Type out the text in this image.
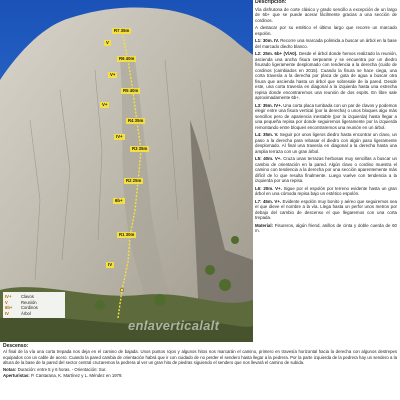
R7 35m
R6 40m
R5 40m
R4 35m
R3 35m
R2 25m
R1 30m
V
V+
IV+
6b+
IV
V+
IV+	Clavos
V	Reunión
6b+	Cordinos
IV	Árbol
enlaverticalalt
Descripción:

Vía disfrutona de corte clásico y grado sencillo a excepción de un largo de 6b+ que se puede acerar fácilmente gracias a una sección de cordinos.

A destacar por su estético el último largo que recorre un marcado espolón.

L1: 30m. IV. Recorre una marcada polimida a buscar un árbol en la base del marcado diedro blanco.

L2: 25m. 6b+ (V/A0). Desde el árbol donde hemos realizado la reunión, ascienda una anchа fisura serpeante y se encuentra por un diedro fisurado ligeramente desplomado con tendencia a la derecha (cuido de cordinos (cambiados en 2015). Cuando la fisura se hace ciega, una corta travesía a la derecha por placa de gota de agua a buscar otra fisura que ascienda hasta un árbol que sobresale de la pared. Desde este, una corta travesía en diagonal a la izquierda hasta una estrecha repisa donde encontraremos una reunión de dos espits. En libre sale aproximadamente 6b+.

L3: 35m. IV+. Una corta placa tumbada con un par de clavos y podemos elegir entre una fisura vertical (por la derecha) o unos bloques algo más sencillos pero de apariencia inestable (por la izquierda) hasta llegar a una pequeña repisa por donde seguiremos ligeramente por la izquierda remontando entre bloques encontraremos una reunión en un árbol.

L4: 35m. V. Seguir por unos ligeros diedro hasta encontrar un clavo, un paso a la derecha para rebasar el diedro con algún paso ligeramente desplomado. Al final una travesía en diagonal a la derecha hasta una amplia terraza con un gran árbol.

L5: 40m. V+. Cruza unas terrazas herbosas muy sencillas a buscar un cambio de orientación en la pared. Algún clavo o cordino muestra el camino con tendencia a la derecha por una sección aparentemente más difícil de lo que resulta finalmente. Luego vuelve con tendencia a la izquierda por una repisa.

L6: 20m. V+. Sigue por el espolón por terreno evidente hasta un gran árbol en una cómoda repisa bajo un estético espolón.

L7: 45m. V+. Evidente espolón muy bonito y aéreo que seguiremos sea el que dieve el nombre a la vía. Llega hasta un perfor unos metros por debajo del cambio de descenso el que llegaremos con una corta trepada.

Material: Fisureros, algún friend, anillos de cinta y doble cuerda de 60 m.

Descenso:

Al final de la vía una corta trepada nos deja en el camino de bajada. Unos puntos rojos y algunos hitos nos marcarán el camino, primero en travesía horizontal hacia la derecha con algunos destrepes equipados con un cable de acero. Cuando la pared cambia de orientación habrá que ir con cuidado de no perder el sendero hasta llegar a la pedrera. Por la parte izquierda de la pedrera hay un sendero a la altura de la base de la pared del sector central cruzaremos la pedrera al ver un gran hito de piedras siguiendo el sendero que nos llevará el camino de subida.

Notas: Duración: entre 5 y 6 horas. - Orientación: Sur.

Aperturistas: P. Cantarana, K. Martínez y L. Méndez en 1979.
